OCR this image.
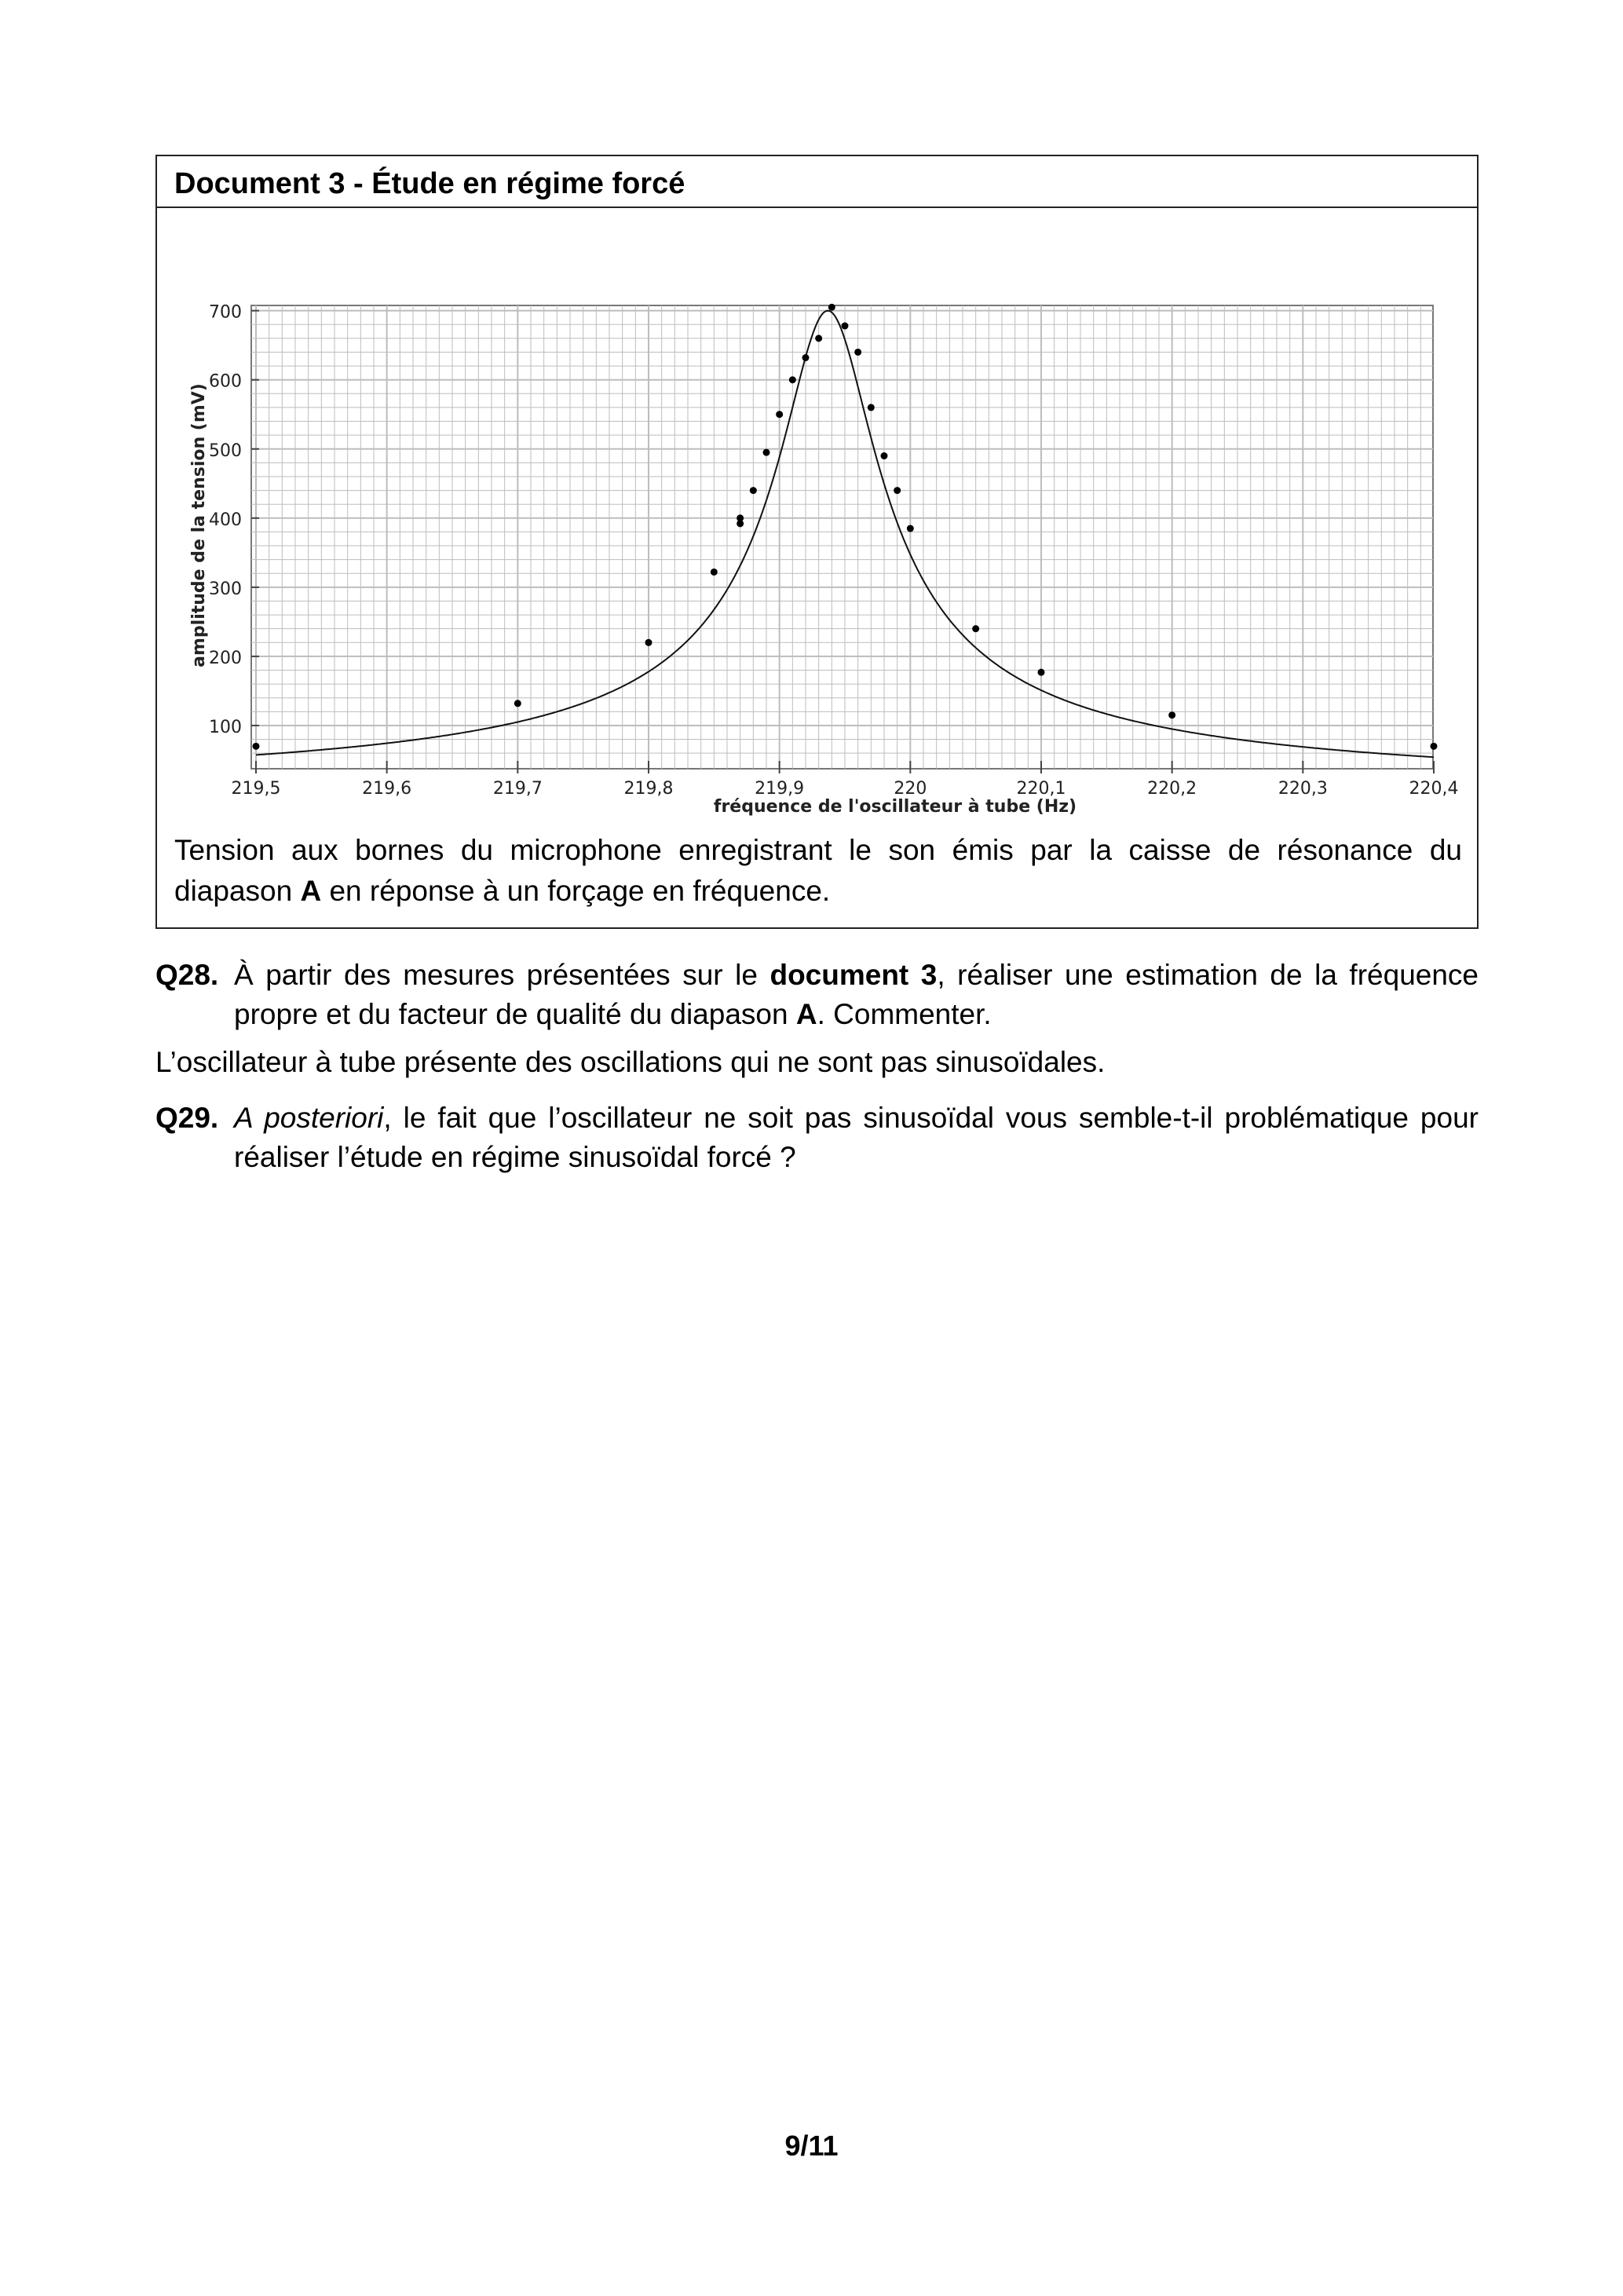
Document 3 - Étude en régime forcé
100
200
300
400
500
600
700
219,5	219,6	219,7	219,8	219,9	220	220,1	220,2	220,3	220,4
fréquence de l'oscillateur à tube (Hz)
amplitude de la tension (mV)
Tension aux bornes du microphone enregistrant le son émis par la caisse de résonance du diapason A en réponse à un forçage en fréquence.
Q28. À partir des mesures présentées sur le document 3, réaliser une estimation de la fréquence propre et du facteur de qualité du diapason A. Commenter.
L’oscillateur à tube présente des oscillations qui ne sont pas sinusoïdales.
Q29. A posteriori, le fait que l’oscillateur ne soit pas sinusoïdal vous semble-t-il problématique pour réaliser l’étude en régime sinusoïdal forcé ?
9/11
